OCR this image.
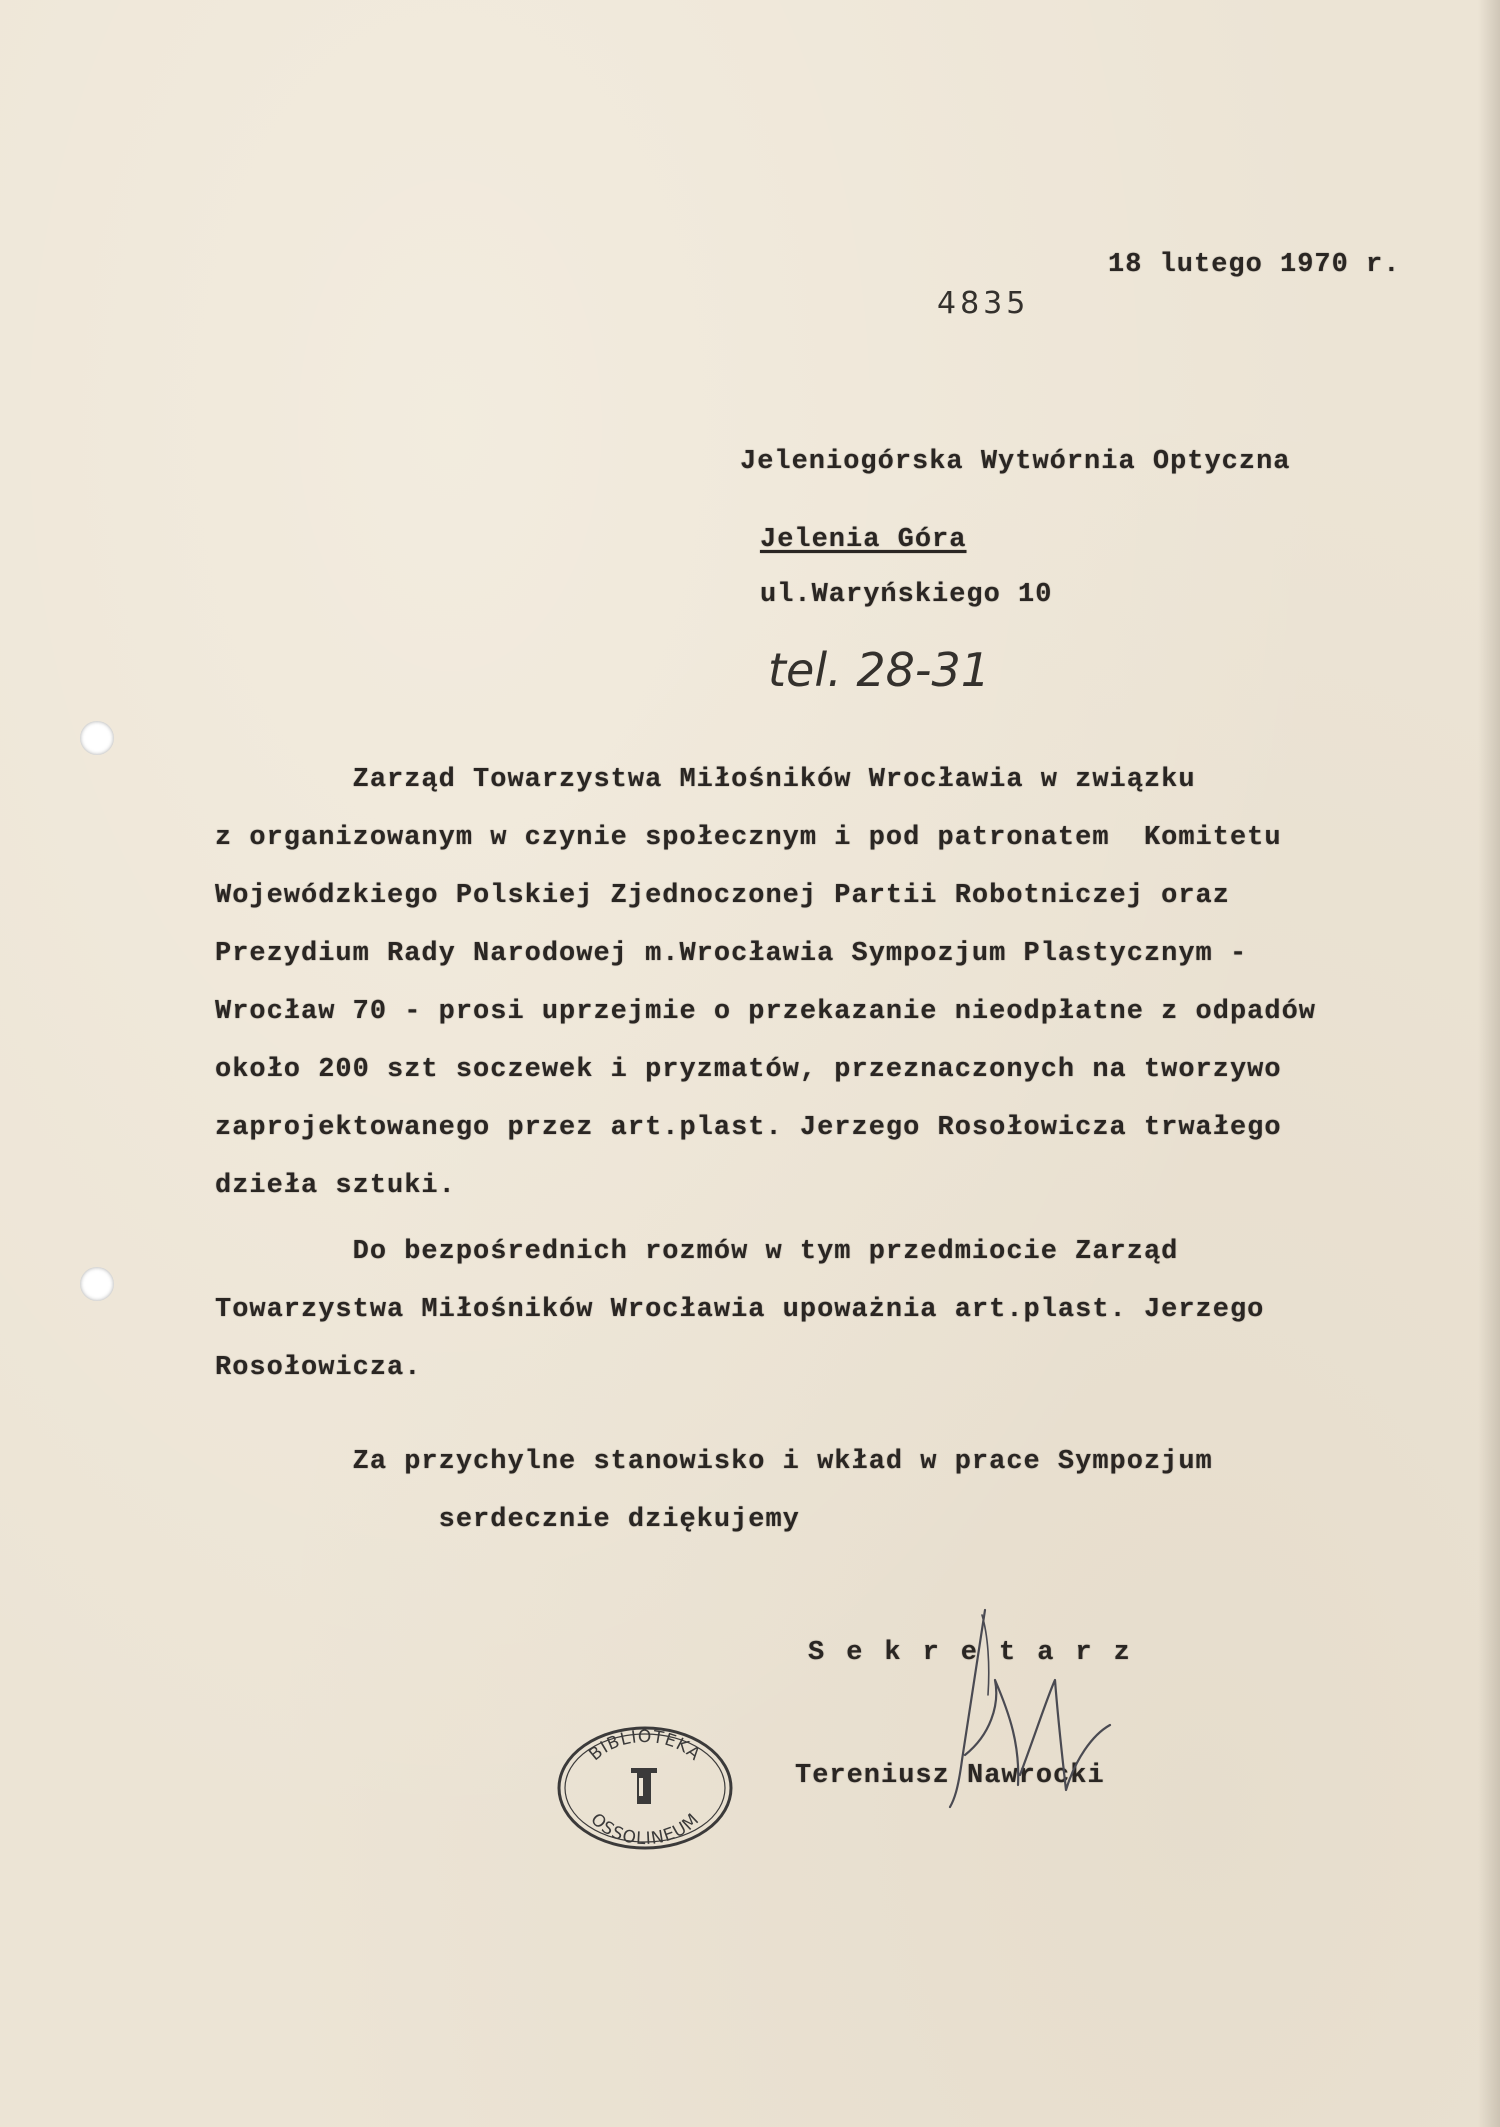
18 lutego 1970 r.

4835

Jeleniogórska Wytwórnia Optyczna

Jelenia Góra

ul.Waryńskiego 10

tel. 28-31

Zarząd Towarzystwa Miłośników Wrocławia w związku

z organizowanym w czynie społecznym i pod patronatem  Komitetu

Wojewódzkiego Polskiej Zjednoczonej Partii Robotniczej oraz

Prezydium Rady Narodowej m.Wrocławia Sympozjum Plastycznym -

Wrocław 70 - prosi uprzejmie o przekazanie nieodpłatne z odpadów

około 200 szt soczewek i pryzmatów, przeznaczonych na tworzywo

zaprojektowanego przez art.plast. Jerzego Rosołowicza trwałego

dzieła sztuki.

Do bezpośrednich rozmów w tym przedmiocie Zarząd

Towarzystwa Miłośników Wrocławia upoważnia art.plast. Jerzego

Rosołowicza.

Za przychylne stanowisko i wkład w prace Sympozjum

serdecznie dziękujemy

Sekretarz

Tereniusz Nawrocki

BIBLIOTEKA
OSSOLINEUM
